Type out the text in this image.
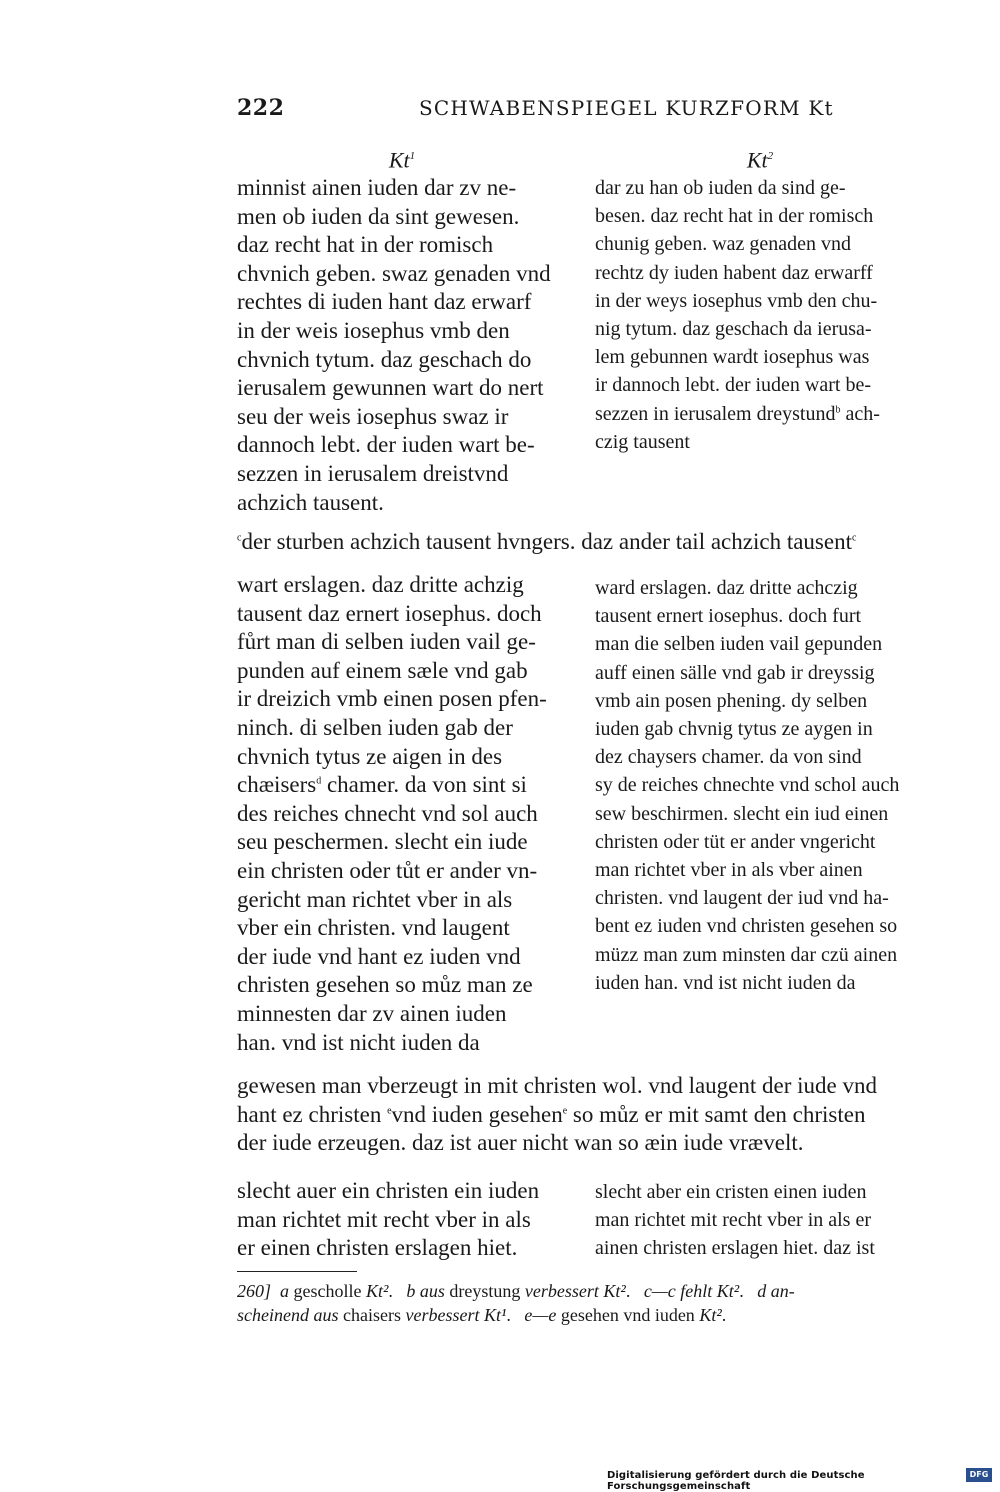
222	SCHWABENSPIEGEL KURZFORM Kt
Kt$^1$

minnist ainen iuden dar zv ne-
men ob iuden da sint gewesen.
daz recht hat in der romisch
chvnich geben. swaz genaden vnd
rechtes di iuden hant daz erwarf
in der weis iosephus vmb den
chvnich tytum. daz geschach do
ierusalem gewunnen wart do nert
seu der weis iosephus swaz ir
dannoch lebt. der iuden wart be-
sezzen in ierusalem dreistvnd
achzich tausent.

Kt$^2$

dar zu han ob iuden da sind ge-
besen. daz recht hat in der romisch
chunig geben. waz genaden vnd
rechtz dy iuden habent daz erwarff
in der weys iosephus vmb den chu-
nig tytum. daz geschach da ierusa-
lem gebunnen wardt iosephus was
ir dannoch lebt. der iuden wart be-
sezzen in ierusalem dreystund$^b$ ach-
czig tausent

$^c$der sturben achzich tausent hvngers. daz ander tail achzich tausent$^c$

wart erslagen. daz dritte achzig
tausent daz ernert iosephus. doch
fůrt man di selben iuden vail ge-
punden auf einem sæle vnd gab
ir dreizich vmb einen posen pfen-
ninch. di selben iuden gab der
chvnich tytus ze aigen in des
chæisers$^d$ chamer. da von sint si
des reiches chnecht vnd sol auch
seu peschermen. slecht ein iude
ein christen oder tůt er ander vn-
gericht man richtet vber in als
vber ein christen. vnd laugent
der iude vnd hant ez iuden vnd
christen gesehen so můz man ze
minnesten dar zv ainen iuden
han. vnd ist nicht iuden da

ward erslagen. daz dritte achczig
tausent ernert iosephus. doch furt
man die selben iuden vail gepunden
auff einen sälle vnd gab ir dreyssig
vmb ain posen phening. dy selben
iuden gab chvnig tytus ze aygen in
dez chaysers chamer. da von sind
sy de reiches chnechte vnd schol auch
sew beschirmen. slecht ein iud einen
christen oder tüt er ander vngericht
man richtet vber in als vber ainen
christen. vnd laugent der iud vnd ha-
bent ez iuden vnd christen gesehen so
müzz man zum minsten dar czü ainen
iuden han. vnd ist nicht iuden da

gewesen man vberzeugt in mit christen wol. vnd laugent der iude vnd
hant ez christen $^e$vnd iuden gesehen$^e$ so můz er mit samt den christen
der iude erzeugen. daz ist auer nicht wan so æin iude vrævelt.

slecht auer ein christen ein iuden
man richtet mit recht vber in als
er einen christen erslagen hiet.

slecht aber ein cristen einen iuden
man richtet mit recht vber in als er
ainen christen erslagen hiet. daz ist

260] a gescholle Kt².   b aus dreystung verbessert Kt².   c—c fehlt Kt².   d an-
scheinend aus chaisers verbessert Kt¹.   e—e gesehen vnd iuden Kt².

Digitalisierung gefördert durch die Deutsche Forschungsgemeinschaft
DFG
